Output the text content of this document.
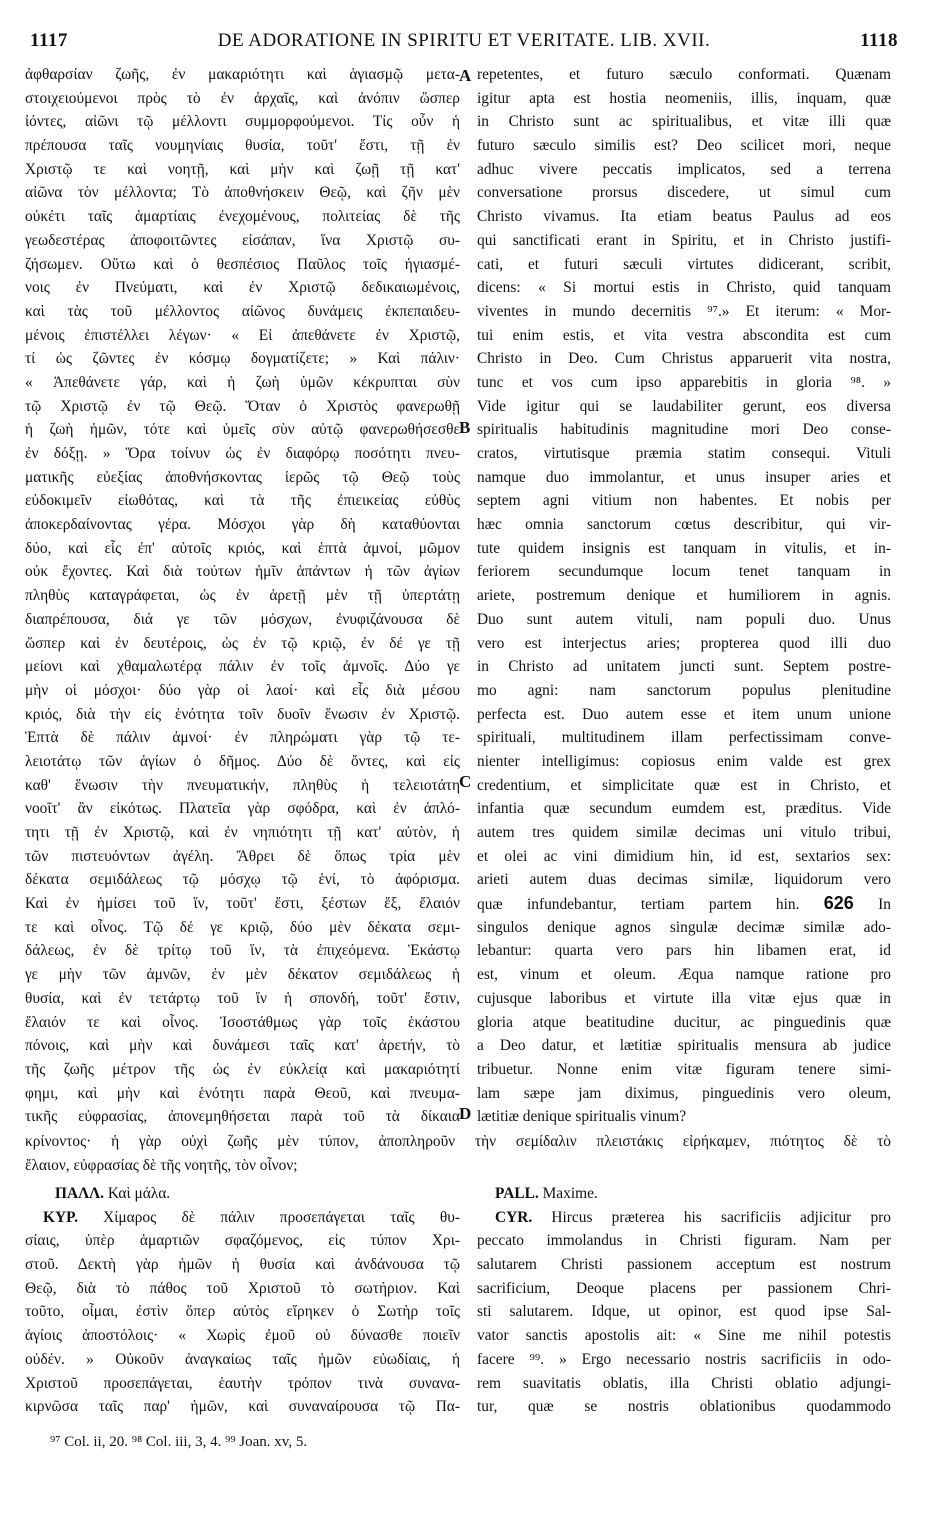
1117	DE ADORATIONE IN SPIRITU ET VERITATE. LIB. XVII.	1118
ἀφθαρσίαν ζωῆς, ἐν μακαριότητι καὶ ἁγιασμῷ μετα-
στοιχειούμενοι πρὸς τὸ ἐν ἀρχαῖς, καὶ ἀνόπιν ὥσπερ
ἰόντες, αἰῶνι τῷ μέλλοντι συμμορφούμενοι. Τίς οὖν ἡ
πρέπουσα ταῖς νουμηνίαις θυσία, τοῦτ' ἔστι, τῇ ἐν
Χριστῷ τε καὶ νοητῇ, καὶ μὴν καὶ ζωῇ τῇ κατ'
αἰῶνα τὸν μέλλοντα; Τὸ ἀποθνήσκειν Θεῷ, καὶ ζῆν μὲν
οὐκέτι ταῖς ἁμαρτίαις ἐνεχομένους, πολιτείας δὲ τῆς
γεωδεστέρας ἀποφοιτῶντες εἰσάπαν, ἵνα Χριστῷ συ-
ζήσωμεν. Οὕτω καὶ ὁ θεσπέσιος Παῦλος τοῖς ἡγιασμέ-
νοις ἐν Πνεύματι, καὶ ἐν Χριστῷ δεδικαιωμένοις,
καὶ τὰς τοῦ μέλλοντος αἰῶνος δυνάμεις ἐκπεπαιδευ-
μένοις ἐπιστέλλει λέγων· « Εἰ ἀπεθάνετε ἐν Χριστῷ,
τί ὡς ζῶντες ἐν κόσμῳ δογματίζετε; » Καὶ πάλιν·
« Ἀπεθάνετε γάρ, καὶ ἡ ζωὴ ὑμῶν κέκρυπται σὺν
τῷ Χριστῷ ἐν τῷ Θεῷ. Ὅταν ὁ Χριστὸς φανερωθῇ
ἡ ζωὴ ἡμῶν, τότε καὶ ὑμεῖς σὺν αὐτῷ φανερωθήσεσθε
ἐν δόξῃ. » Ὅρα τοίνυν ὡς ἐν διαφόρῳ ποσότητι πνευ-
ματικῆς εὐεξίας ἀποθνήσκοντας ἱερῶς τῷ Θεῷ τοὺς
εὐδοκιμεῖν εἰωθότας, καὶ τὰ τῆς ἐπιεικείας εὐθὺς
ἀποκερδαίνοντας γέρα. Μόσχοι γὰρ δὴ καταθύονται
δύο, καὶ εἷς ἐπ' αὐτοῖς κριός, καὶ ἑπτὰ ἀμνοί, μῶμον
οὐκ ἔχοντες. Καὶ διὰ τούτων ἡμῖν ἁπάντων ἡ τῶν ἁγίων
πληθὺς καταγράφεται, ὡς ἐν ἀρετῇ μὲν τῇ ὑπερτάτῃ
διαπρέπουσα, διά γε τῶν μόσχων, ἐνυφιζάνουσα δὲ
ὥσπερ καὶ ἐν δευτέροις, ὡς ἐν τῷ κριῷ, ἐν δέ γε τῇ
μείονι καὶ χθαμαλωτέρᾳ πάλιν ἐν τοῖς ἀμνοῖς. Δύο γε
μὴν οἱ μόσχοι· δύο γὰρ οἱ λαοί· καὶ εἷς διὰ μέσου
κριός, διὰ τὴν εἰς ἑνότητα τοῖν δυοῖν ἕνωσιν ἐν Χριστῷ.
Ἑπτὰ δὲ πάλιν ἀμνοί· ἐν πληρώματι γὰρ τῷ τε-
λειοτάτῳ τῶν ἁγίων ὁ δῆμος. Δύο δὲ ὄντες, καὶ εἰς
καθ' ἕνωσιν τὴν πνευματικήν, πληθὺς ἡ τελειοτάτη
νοοῖτ' ἂν εἰκότως. Πλατεῖα γὰρ σφόδρα, καὶ ἐν ἁπλό-
τητι τῇ ἐν Χριστῷ, καὶ ἐν νηπιότητι τῇ κατ' αὐτὸν, ἡ
τῶν πιστευόντων ἀγέλη. Ἄθρει δὲ ὅπως τρία μὲν
δέκατα σεμιδάλεως τῷ μόσχῳ τῷ ἑνί, τὸ ἀφόρισμα.
Καὶ ἐν ἡμίσει τοῦ ἵν, τοῦτ' ἔστι, ξέστων ἕξ, ἔλαιόν
τε καὶ οἶνος. Τῷ δέ γε κριῷ, δύο μὲν δέκατα σεμι-
δάλεως, ἐν δὲ τρίτῳ τοῦ ἵν, τὰ ἐπιχεόμενα. Ἑκάστῳ
γε μὴν τῶν ἀμνῶν, ἐν μὲν δέκατον σεμιδάλεως ἡ
θυσία, καὶ ἐν τετάρτῳ τοῦ ἵν ἡ σπονδή, τοῦτ' ἔστιν,
ἔλαιόν τε καὶ οἶνος. Ἰσοστάθμως γὰρ τοῖς ἑκάστου
πόνοις, καὶ μὴν καὶ δυνάμεσι ταῖς κατ' ἀρετήν, τὸ
τῆς ζωῆς μέτρον τῆς ὡς ἐν εὐκλείᾳ καὶ μακαριότητί
φημι, καὶ μὴν καὶ ἑνότητι παρὰ Θεοῦ, καὶ πνευμα-
τικῆς εὐφρασίας, ἀπονεμηθήσεται παρὰ τοῦ τὰ δίκαια
repetentes, et futuro sæculo conformati. Quænam
igitur apta est hostia neomeniis, illis, inquam, quæ
in Christo sunt ac spiritualibus, et vitæ illi quæ
futuro sæculo similis est? Deo scilicet mori, neque
adhuc vivere peccatis implicatos, sed a terrena
conversatione prorsus discedere, ut simul cum
Christo vivamus. Ita etiam beatus Paulus ad eos
qui sanctificati erant in Spiritu, et in Christo justifi-
cati, et futuri sæculi virtutes didicerant, scribit,
dicens: « Si mortui estis in Christo, quid tanquam
viventes in mundo decernitis ⁹⁷.» Et iterum: « Mor-
tui enim estis, et vita vestra abscondita est cum
Christo in Deo. Cum Christus apparuerit vita nostra,
tunc et vos cum ipso apparebitis in gloria ⁹⁸. »
Vide igitur qui se laudabiliter gerunt, eos diversa
spiritualis habitudinis magnitudine mori Deo conse-
cratos, virtutisque præmia statim consequi. Vituli
namque duo immolantur, et unus insuper aries et
septem agni vitium non habentes. Et nobis per
hæc omnia sanctorum cœtus describitur, qui vir-
tute quidem insignis est tanquam in vitulis, et in-
feriorem secundumque locum tenet tanquam in
ariete, postremum denique et humiliorem in agnis.
Duo sunt autem vituli, nam populi duo. Unus
vero est interjectus aries; propterea quod illi duo
in Christo ad unitatem juncti sunt. Septem postre-
mo agni: nam sanctorum populus plenitudine
perfecta est. Duo autem esse et item unum unione
spirituali, multitudinem illam perfectissimam conve-
nienter intelligimus: copiosus enim valde est grex
credentium, et simplicitate quæ est in Christo, et
infantia quæ secundum eumdem est, præditus. Vide
autem tres quidem similæ decimas uni vitulo tribui,
et olei ac vini dimidium hin, id est, sextarios sex:
arieti autem duas decimas similæ, liquidorum vero
quæ infundebantur, tertiam partem hin. 626 In
singulos denique agnos singulæ decimæ similæ ado-
lebantur: quarta vero pars hin libamen erat, id
est, vinum et oleum. Æqua namque ratione pro
cujusque laboribus et virtute illa vitæ ejus quæ in
gloria atque beatitudine ducitur, ac pinguedinis quæ
a Deo datur, et lætitiæ spiritualis mensura ab judice
tribuetur. Nonne enim vitæ figuram tenere simi-
lam sæpe jam diximus, pinguedinis vero oleum,
lætitiæ denique spiritualis vinum?
A
B
C
D
κρίνοντος· ἡ γὰρ οὐχὶ ζωῆς μὲν τύπον, ἀποπληροῦν τὴν σεμίδαλιν πλειστάκις εἰρήκαμεν, πιότητος δὲ τὸ
ἔλαιον, εὐφρασίας δὲ τῆς νοητῆς, τὸν οἶνον;
ΠΑΛΛ. Καὶ μάλα.
ΚΥΡ. Χίμαρος δὲ πάλιν προσεπάγεται ταῖς θυ-
σίαις, ὑπὲρ ἁμαρτιῶν σφαζόμενος, εἰς τύπον Χρι-
στοῦ. Δεκτὴ γὰρ ἡμῶν ἡ θυσία καὶ ἀνδάνουσα τῷ
Θεῷ, διὰ τὸ πάθος τοῦ Χριστοῦ τὸ σωτήριον. Καὶ
τοῦτο, οἶμαι, ἐστὶν ὅπερ αὐτὸς εἴρηκεν ὁ Σωτὴρ τοῖς
ἁγίοις ἀποστόλοις· « Χωρὶς ἐμοῦ οὐ δύνασθε ποιεῖν
οὐδέν. » Οὐκοῦν ἀναγκαίως ταῖς ἡμῶν εὐωδίαις, ἡ
Χριστοῦ προσεπάγεται, ἑαυτὴν τρόπον τινὰ συνανα-
κιρνῶσα ταῖς παρ' ἡμῶν, καὶ συναναίρουσα τῷ Πα-
PALL. Maxime.
CYR. Hircus præterea his sacrificiis adjicitur pro
peccato immolandus in Christi figuram. Nam per
salutarem Christi passionem acceptum est nostrum
sacrificium, Deoque placens per passionem Chri-
sti salutarem. Idque, ut opinor, est quod ipse Sal-
vator sanctis apostolis ait: « Sine me nihil potestis
facere ⁹⁹. » Ergo necessario nostris sacrificiis in odo-
rem suavitatis oblatis, illa Christi oblatio adjungi-
tur, quæ se nostris oblationibus quodammodo
⁹⁷ Col. ii, 20. ⁹⁸ Col. iii, 3, 4. ⁹⁹ Joan. xv, 5.
